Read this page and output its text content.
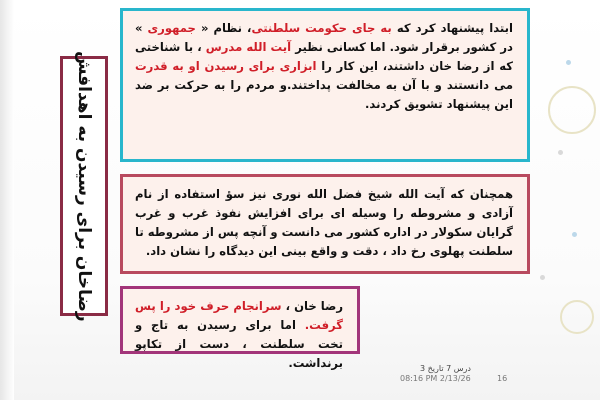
رضاخان برای رسیدن به اهدافش
ابتدا پیشنهاد کرد که به جای حکومت سلطنتی، نظام « جمهوری » در کشور برقرار شود. اما کسانی نظیر آیت الله مدرس ، با شناختی که از رضا خان داشتند، این کار را ابزاری برای رسیدن او به قدرت می دانستند و با آن به مخالفت پداختند.و مردم را به حرکت بر ضد این پیشنهاد تشویق کردند.
همچنان که آیت الله شیخ فضل الله نوری نیز سؤ استفاده از نام آزادی و مشروطه را وسیله ای برای افزایش نفوذ غرب و غرب گرایان سکولار در اداره کشور می دانست و آنچه پس از مشروطه تا سلطنت پهلوی رخ داد ، دقت و واقع بینی این دیدگاه را نشان داد.
رضا خان ، سرانجام حرف خود را پس گرفت. اما برای رسیدن به تاج و تخت سلطنت ، دست از تکاپو برنداشت.	درس 7 تاریخ 3
08:16 PM 2/13/26	16
